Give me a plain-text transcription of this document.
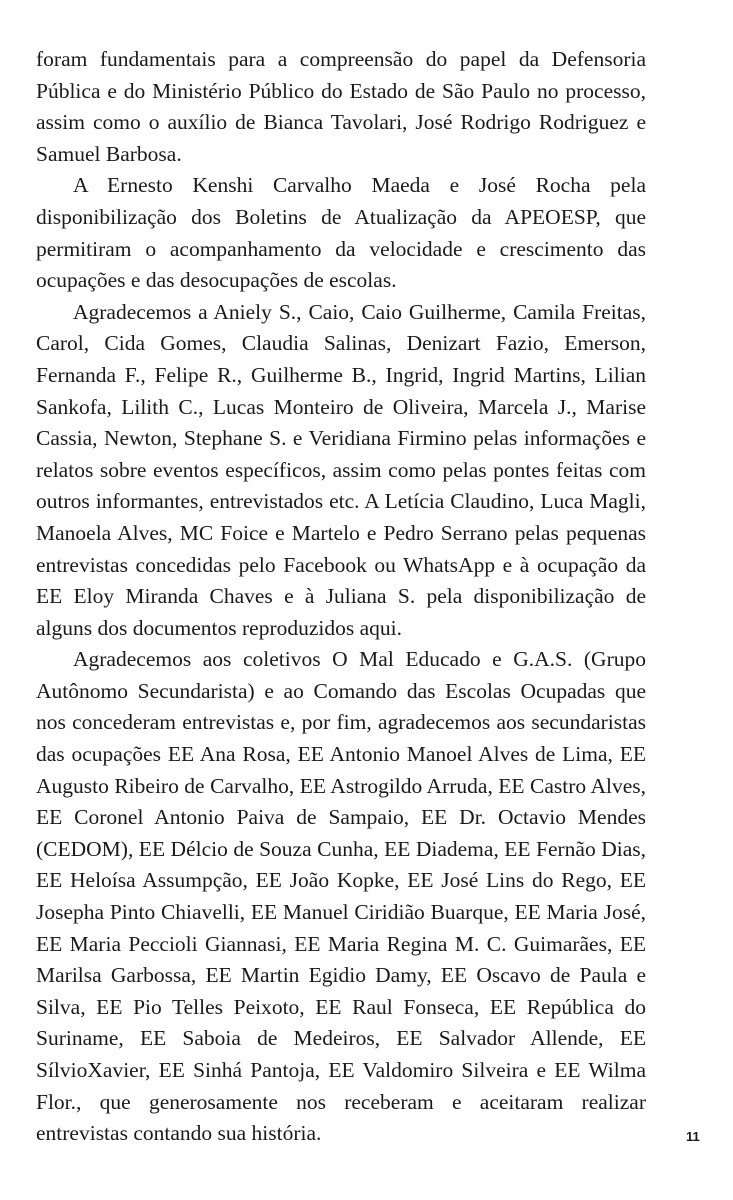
foram fundamentais para a compreensão do papel da Defensoria Pública e do Ministério Público do Estado de São Paulo no processo, assim como o auxílio de Bianca Tavolari, José Rodrigo Rodriguez e Samuel Barbosa.

A Ernesto Kenshi Carvalho Maeda e José Rocha pela disponibilização dos Boletins de Atualização da APEOESP, que permitiram o acompanhamento da velocidade e crescimento das ocupações e das desocupações de escolas.

Agradecemos a Aniely S., Caio, Caio Guilherme, Camila Freitas, Carol, Cida Gomes, Claudia Salinas, Denizart Fazio, Emerson, Fernanda F., Felipe R., Guilherme B., Ingrid, Ingrid Martins, Lilian Sankofa, Lilith C., Lucas Monteiro de Oliveira, Marcela J., Marise Cassia, Newton, Stephane S. e Veridiana Firmino pelas informações e relatos sobre eventos específicos, assim como pelas pontes feitas com outros informantes, entrevistados etc. A Letícia Claudino, Luca Magli, Manoela Alves, MC Foice e Martelo e Pedro Serrano pelas pequenas entrevistas concedidas pelo Facebook ou WhatsApp e à ocupação da EE Eloy Miranda Chaves e à Juliana S. pela disponibilização de alguns dos documentos reproduzidos aqui.

Agradecemos aos coletivos O Mal Educado e G.A.S. (Grupo Autônomo Secundarista) e ao Comando das Escolas Ocupadas que nos concederam entrevistas e, por fim, agradecemos aos secundaristas das ocupações EE Ana Rosa, EE Antonio Manoel Alves de Lima, EE Augusto Ribeiro de Carvalho, EE Astrogildo Arruda, EE Castro Alves, EE Coronel Antonio Paiva de Sampaio, EE Dr. Octavio Mendes (CEDOM), EE Délcio de Souza Cunha, EE Diadema, EE Fernão Dias, EE Heloísa Assumpção, EE João Kopke, EE José Lins do Rego, EE Josepha Pinto Chiavelli, EE Manuel Ciridião Buarque, EE Maria José, EE Maria Peccioli Giannasi, EE Maria Regina M. C. Guimarães, EE Marilsa Garbossa, EE Martin Egidio Damy, EE Oscavo de Paula e Silva, EE Pio Telles Peixoto, EE Raul Fonseca, EE República do Suriname, EE Saboia de Medeiros, EE Salvador Allende, EE SílvioXavier, EE Sinhá Pantoja, EE Valdomiro Silveira e EE Wilma Flor., que generosamente nos receberam e aceitaram realizar entrevistas contando sua história.	11
